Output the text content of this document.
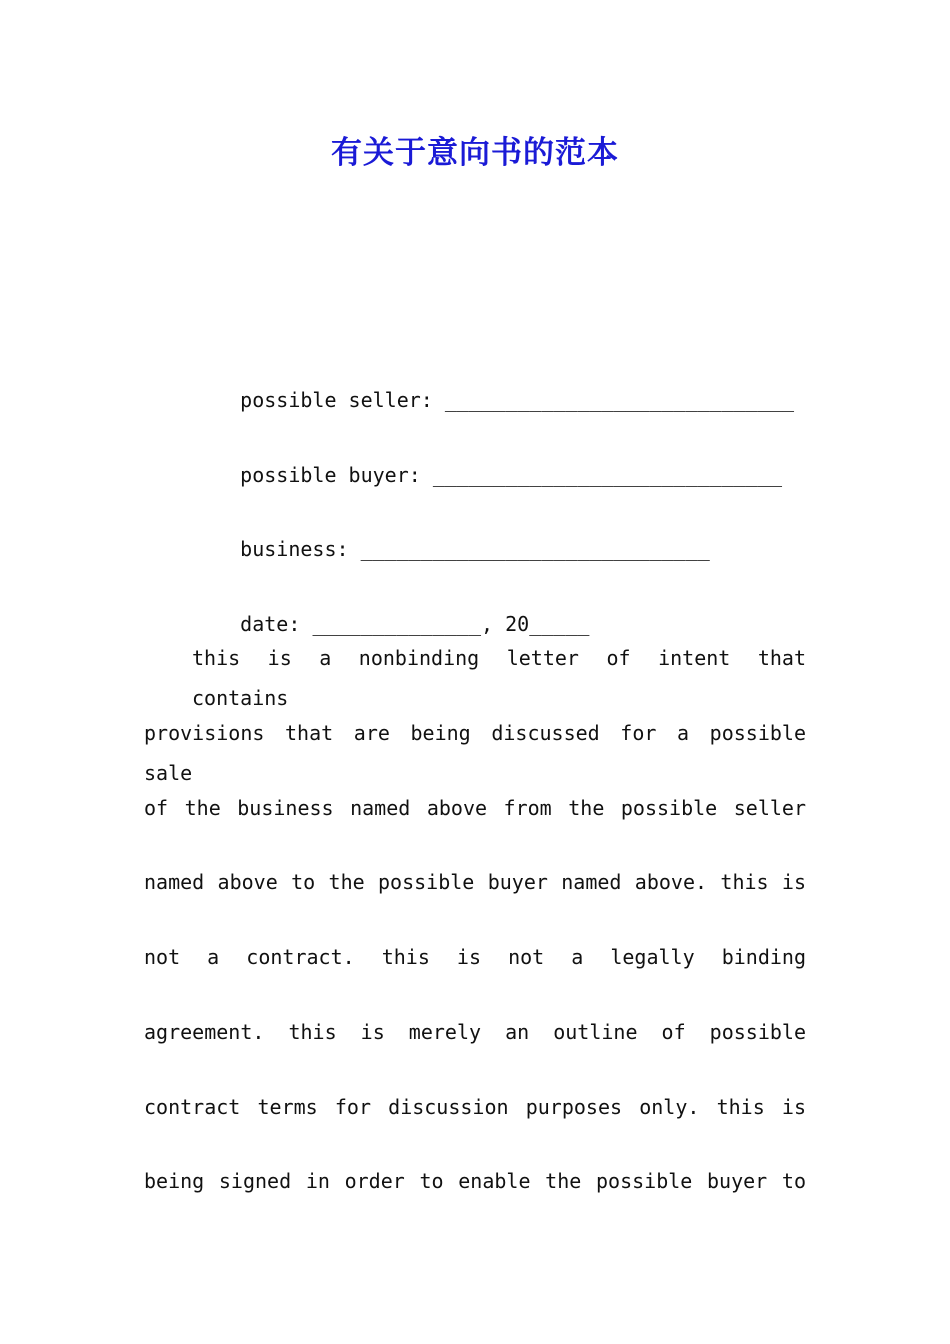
有关于意向书的范本

possible seller: _____________________________

possible buyer: _____________________________

business: _____________________________

date: ______________, 20_____

this is a nonbinding letter of intent that contains
provisions that are being discussed for a possible sale
of the business named above from the possible seller
named above to the possible buyer named above. this is
not a contract. this is not a legally binding
agreement. this is merely an outline of possible
contract terms for discussion purposes only. this is
being signed in order to enable the possible buyer to
